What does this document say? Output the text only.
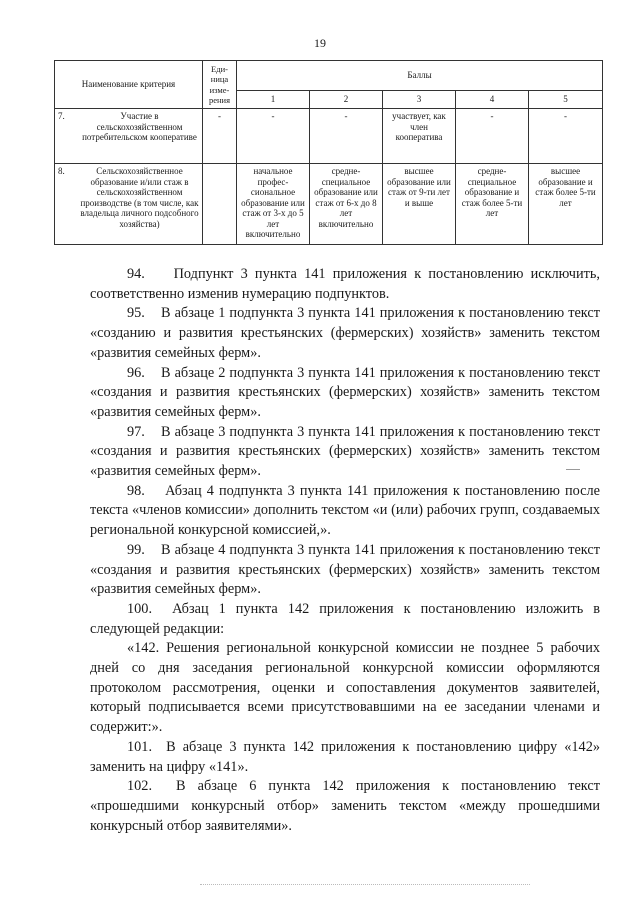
19
Наименование критерия	Еди-
ница
изме-
рения	Баллы				
		1	2	3	4	5

7. Участие в сельскохозяйственном потребительском кооперативе	-	-	-	участвует, как член кооператива	-	-

8. Сельскохозяйственное образование и/или стаж в сельскохозяйственном производстве (в том числе, как владельца личного подсобного хозяйства)		начальное профес-сиональное образование или стаж от 3-х до 5 лет включительно	средне-специальное образование или стаж от 6-х до 8 лет включительно	высшее образование или стаж от 9-ти лет и выше	средне-специальное образование и стаж более 5-ти лет	высшее образование и стаж более 5-ти лет

94.    Подпункт 3 пункта 141 приложения к постановлению исключить, соответственно изменив нумерацию подпунктов.

95.    В абзаце 1 подпункта 3 пункта 141 приложения к постановлению текст «созданию и развития крестьянских (фермерских) хозяйств» заменить текстом «развития семейных ферм».

96.    В абзаце 2 подпункта 3 пункта 141 приложения к постановлению текст «создания и развития крестьянских (фермерских) хозяйств» заменить текстом «развития семейных ферм».

97.    В абзаце 3 подпункта 3 пункта 141 приложения к постановлению текст «создания и развития крестьянских (фермерских) хозяйств» заменить текстом «развития семейных ферм».

98.    Абзац 4 подпункта 3 пункта 141 приложения к постановлению после текста «членов комиссии» дополнить текстом «и (или) рабочих групп, создаваемых региональной конкурсной комиссией,».

99.    В абзаце 4 подпункта 3 пункта 141 приложения к постановлению текст «создания и развития крестьянских (фермерских) хозяйств» заменить текстом «развития семейных ферм».

100.  Абзац 1 пункта 142 приложения к постановлению изложить в следующей редакции:

«142. Решения региональной конкурсной комиссии не позднее 5 рабочих дней со дня заседания региональной конкурсной комиссии оформляются протоколом рассмотрения, оценки и сопоставления документов заявителей, который подписывается всеми присутствовавшими на ее заседании членами и содержит:».

101.  В абзаце 3 пункта 142 приложения к постановлению цифру «142» заменить на цифру «141».

102.  В абзаце 6 пункта 142 приложения к постановлению текст «прошедшими конкурсный отбор» заменить текстом «между прошедшими конкурсный отбор заявителями».
